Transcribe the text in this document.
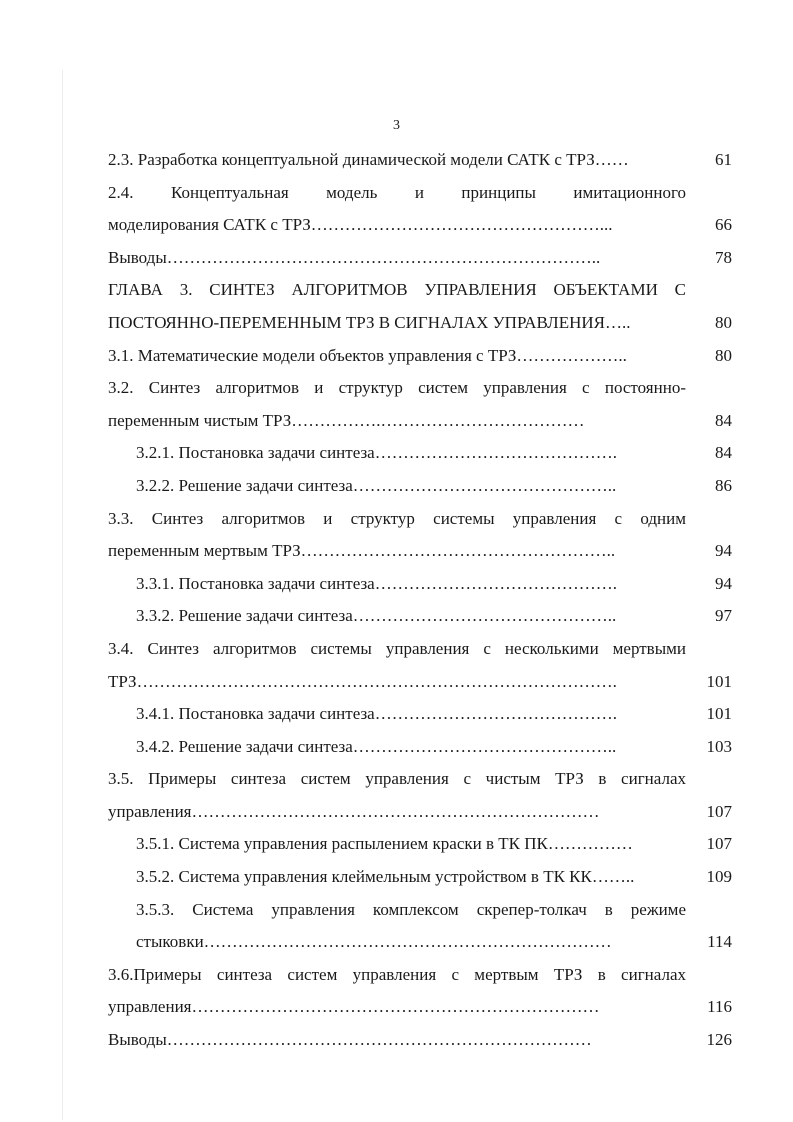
3
2.3. Разработка концептуальной динамической модели САТК с ТРЗ……	61
2.4. Концептуальная модель и принципы имитационного
моделирования САТК с ТРЗ……………………………………………...	66
Выводы…………………………………………………………………..	78
ГЛАВА 3. СИНТЕЗ АЛГОРИТМОВ УПРАВЛЕНИЯ ОБЪЕКТАМИ С
ПОСТОЯННО-ПЕРЕМЕННЫМ ТРЗ В СИГНАЛАХ УПРАВЛЕНИЯ…..	80
3.1. Математические модели объектов управления с ТРЗ………………..	80
3.2. Синтез алгоритмов и структур систем управления с постоянно-
переменным чистым ТРЗ…………….………………………………	84
3.2.1. Постановка задачи синтеза…………………………………….	84
3.2.2. Решение задачи синтеза………………………………………..	86
3.3. Синтез алгоритмов и структур системы управления с одним
переменным мертвым ТРЗ………………………………………………..	94
3.3.1. Постановка задачи синтеза…………………………………….	94
3.3.2. Решение задачи синтеза………………………………………..	97
3.4. Синтез алгоритмов системы управления с несколькими мертвыми
ТРЗ………………………………………………………………………….	101
3.4.1. Постановка задачи синтеза…………………………………….	101
3.4.2. Решение задачи синтеза………………………………………..	103
3.5. Примеры синтеза систем управления с чистым ТРЗ в сигналах
управления………………………………………………………………	107
3.5.1. Система управления распылением краски в ТК ПК……………	107
3.5.2. Система управления клеймельным устройством в ТК КК……..	109
3.5.3. Система управления комплексом скрепер-толкач в режиме
стыковки………………………………………………………………	114
3.6.Примеры синтеза систем управления с мертвым ТРЗ в сигналах
управления………………………………………………………………	116
Выводы…………………………………………………………………	126
